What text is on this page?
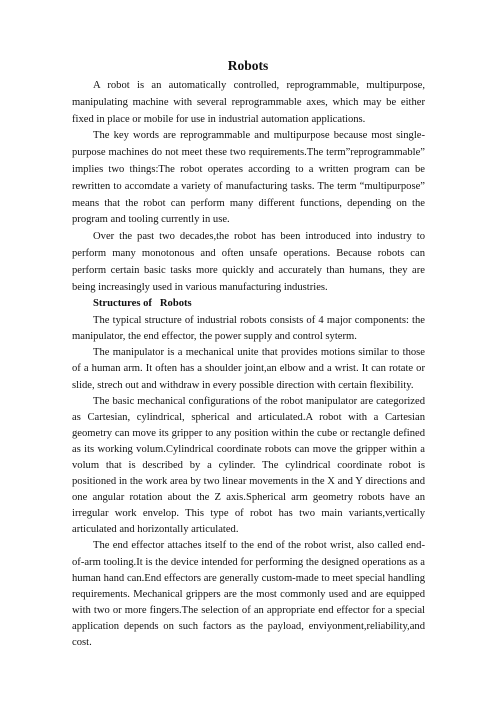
Robots

A robot is an automatically controlled, reprogrammable, multipurpose, manipulating machine with several reprogrammable axes, which may be either fixed in place or mobile for use in industrial automation applications.

The key words are reprogrammable and multipurpose because most single-purpose machines do not meet these two requirements.The term”reprogrammable” implies two things:The robot operates according to a written program can be rewritten to accomdate a variety of manufacturing tasks. The term “multipurpose” means that the robot can perform many different functions, depending on the program and tooling currently in use.

Over the past two decades,the robot has been introduced into industry to perform many monotonous and often unsafe operations. Because robots can perform certain basic tasks more quickly and accurately than humans, they are being increasingly used in various manufacturing industries.

Structures of   Robots

The typical structure of industrial robots consists of 4 major components: the manipulator, the end effector, the power supply and control syterm.

The manipulator is a mechanical unite that provides motions similar to those of a human arm. It often has a shoulder joint,an elbow and a wrist. It can rotate or slide, strech out and withdraw in every possible direction with certain flexibility.

The basic mechanical configurations of the robot manipulator are categorized as Cartesian, cylindrical, spherical and articulated.A robot with a Cartesian geometry can move its gripper to any position within the cube or rectangle defined as its working volum.Cylindrical coordinate robots can move the gripper within a volum that is described by a cylinder. The cylindrical coordinate robot is positioned in the work area by two linear movements in the X and Y directions and one angular rotation about the Z axis.Spherical arm geometry robots have an irregular work envelop. This type of robot has two main variants,vertically articulated and horizontally articulated.

The end effector attaches itself to the end of the robot wrist, also called end-of-arm tooling.It is the device intended for performing the designed operations as a human hand can.End effectors are generally custom-made to meet special handling requirements. Mechanical grippers are the most commonly used and are equipped with two or more fingers.The selection of an appropriate end effector for a special application depends on such factors as the payload, enviyonment,reliability,and cost.
